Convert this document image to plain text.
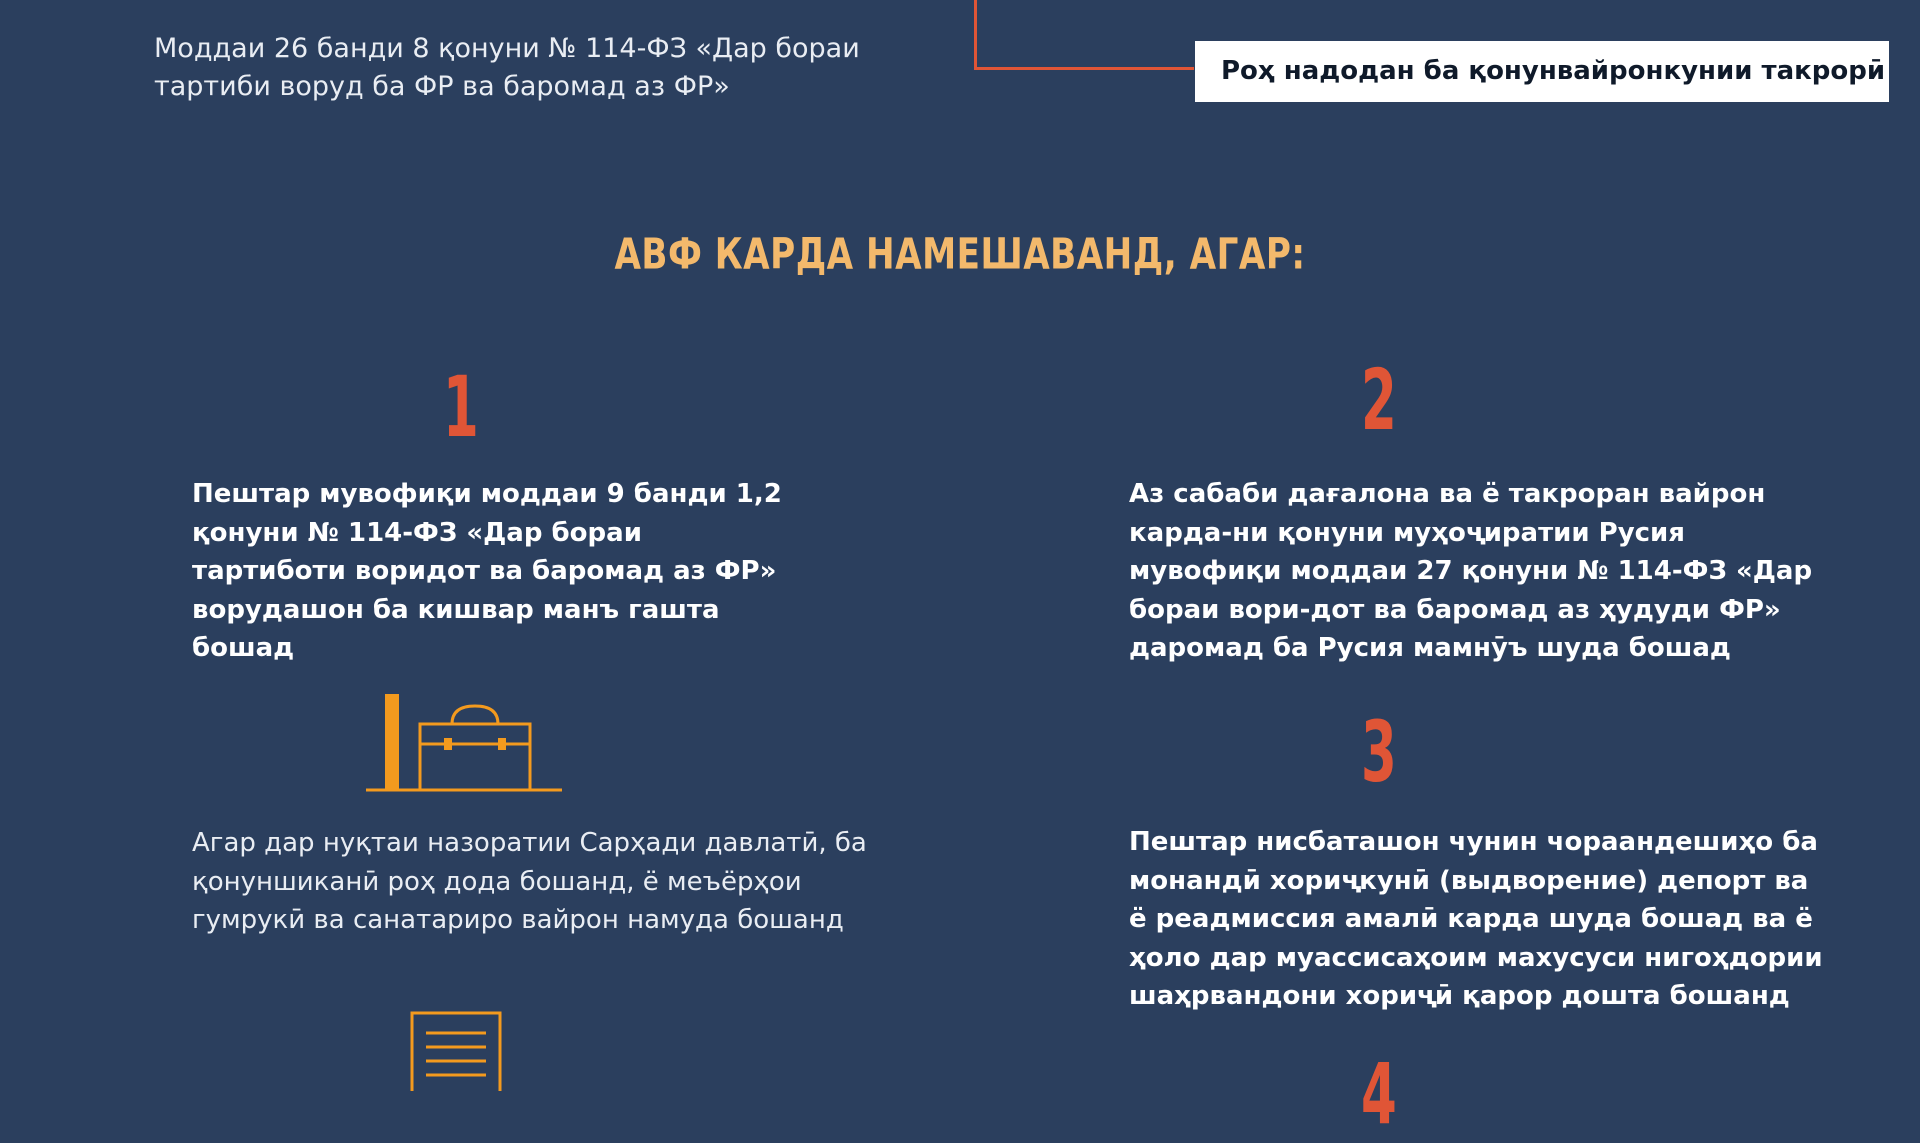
Моддаи 26 банди 8 қонуни № 114-ФЗ «Дар бораи тартиби воруд ба ФР ва баромад аз ФР»	Роҳ надодан ба қонунвайронкунии такрорӣ
АВФ КАРДА НАМЕШАВАНД, АГАР:
1
Пештар мувофиқи моддаи 9 банди 1,2 қонуни № 114-ФЗ «Дар бораи тартиботи воридот ва баромад аз ФР» ворудашон ба кишвар манъ гашта бошад
2
Аз сабаби дағалона ва ё такроран вайрон карда-ни қонуни муҳоҷиратии Русия мувофиқи моддаи 27 қонуни № 114-ФЗ «Дар бораи вори-дот ва баромад аз ҳудуди ФР» даромад ба Русия мамнӯъ шуда бошад
Агар дар нуқтаи назоратии Сарҳади давлатӣ, ба қонуншиканӣ роҳ дода бошанд, ё меъёрҳои гумрукӣ ва санатариро вайрон намуда бошанд
3
Пештар нисбаташон чунин чораандешиҳо ба монандӣ хориҷкунӣ (выдворение) депорт ва ё реадмиссия амалӣ карда шуда бошад ва ё ҳоло дар муассисаҳоим махусуси нигоҳдории шаҳрвандони хориҷӣ қарор дошта бошанд
4
